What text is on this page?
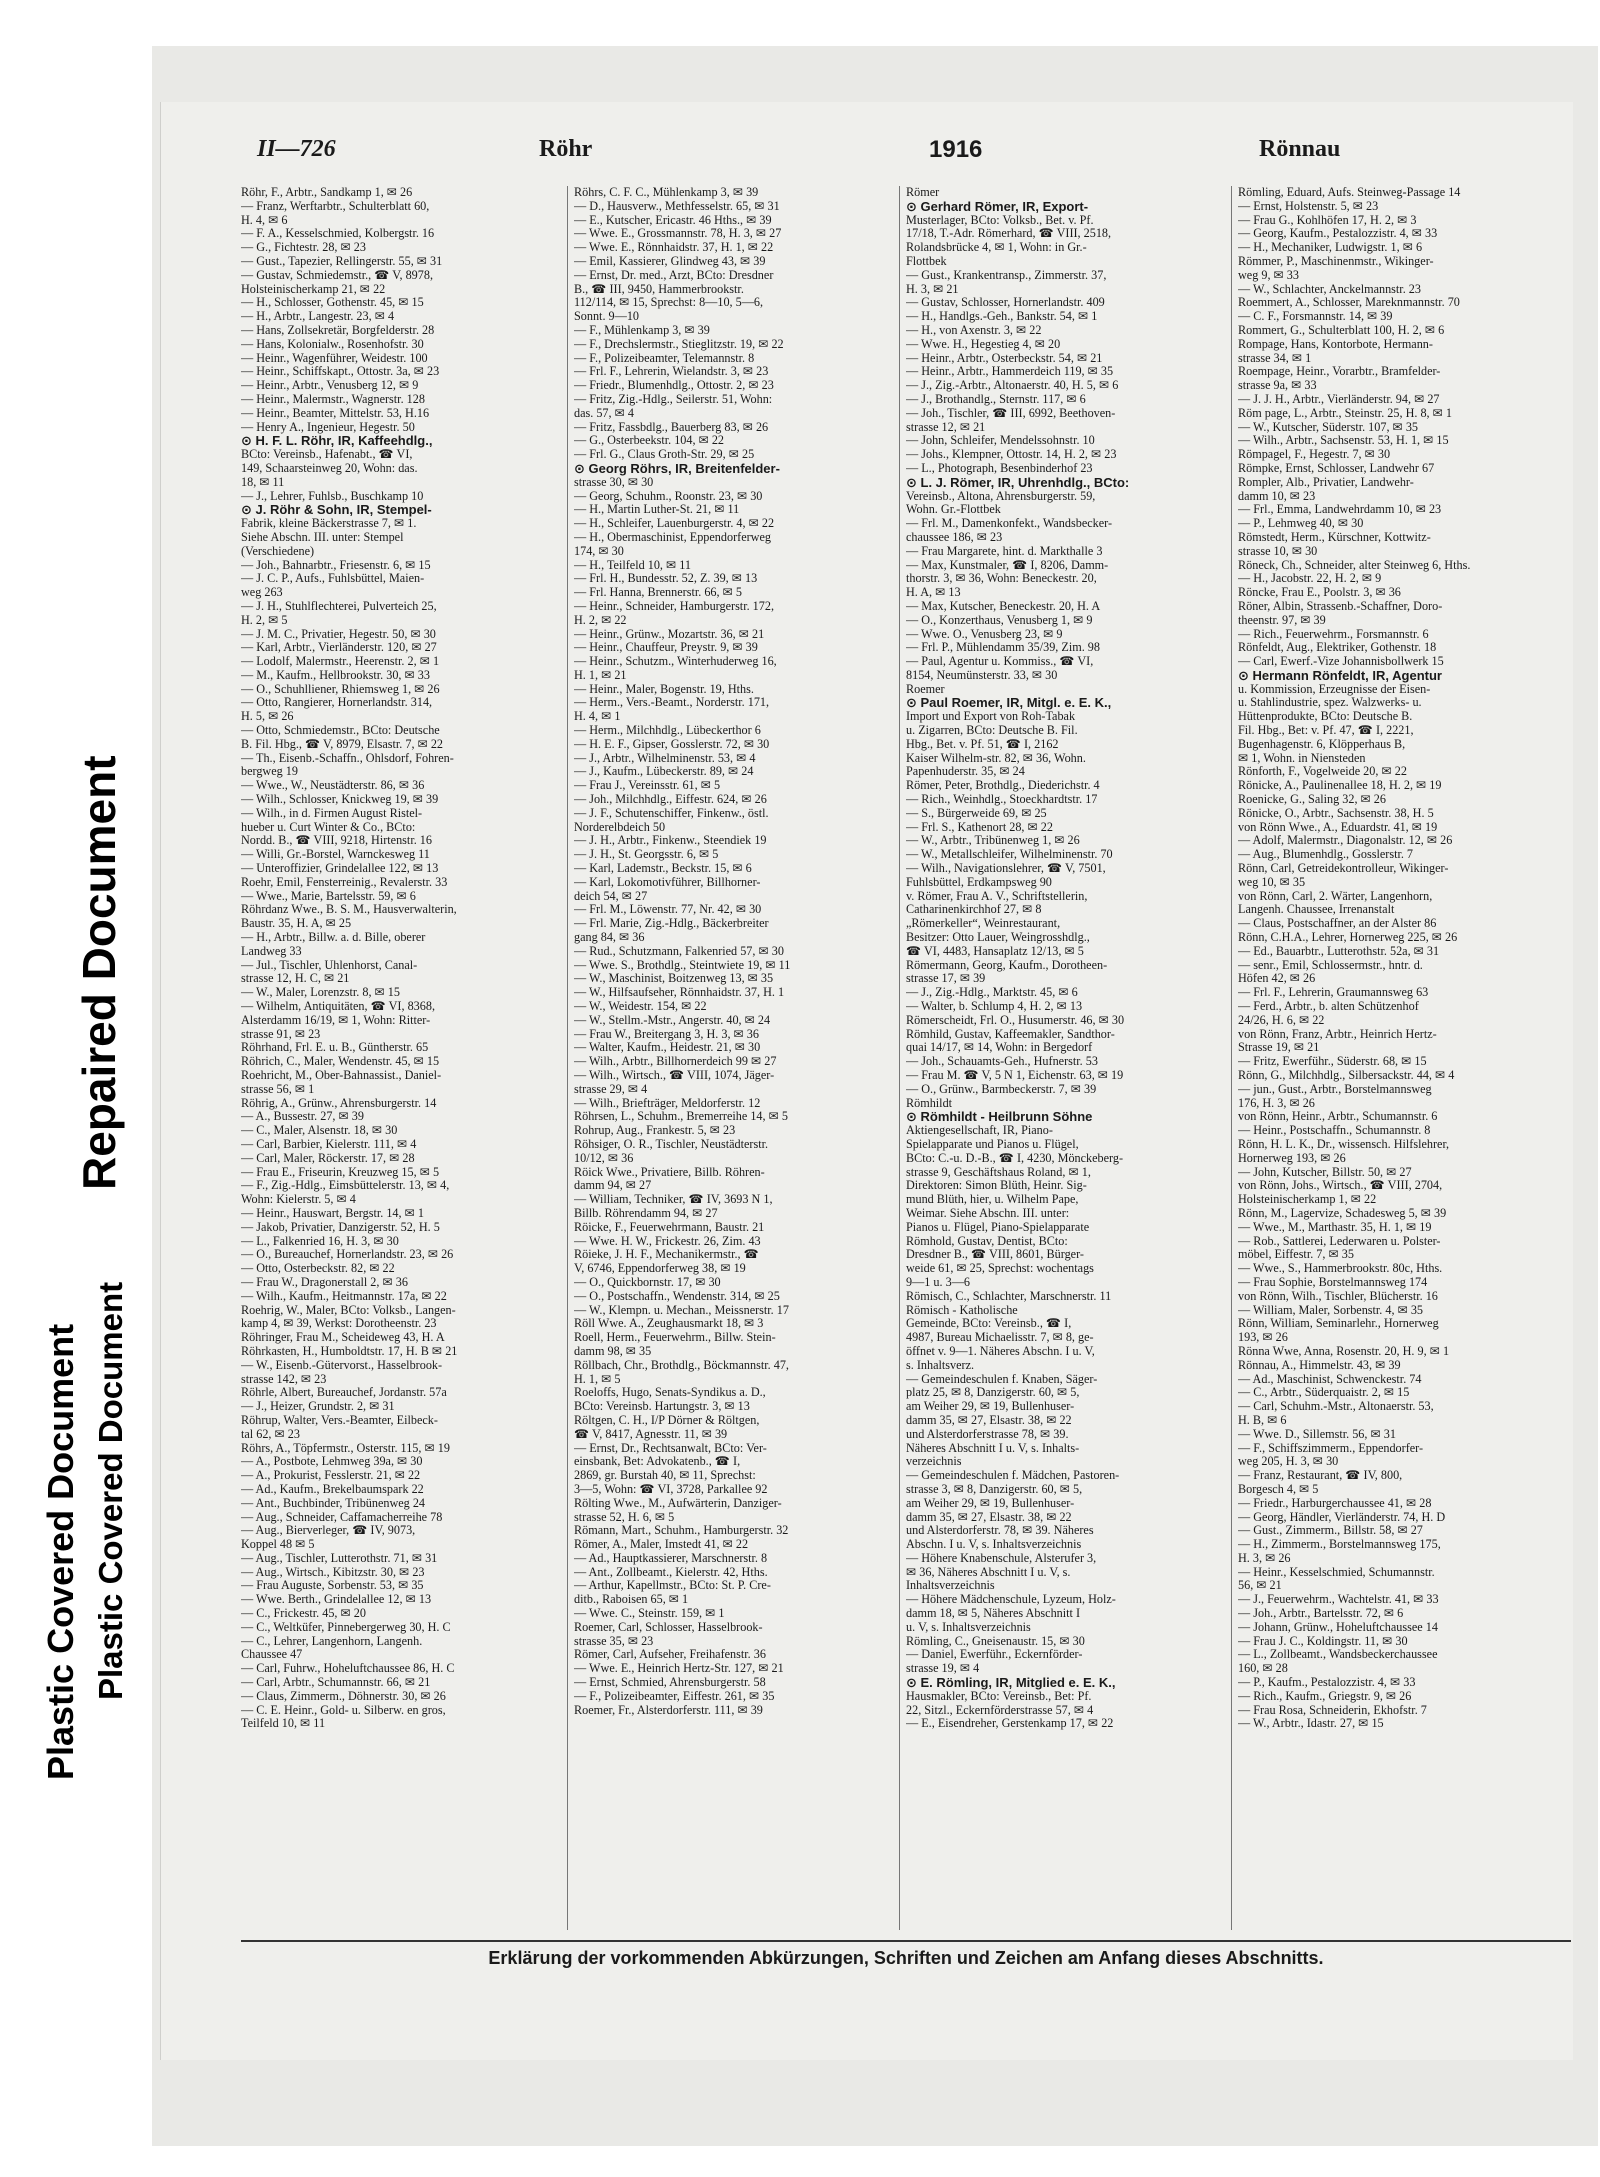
Plastic Covered Document Plastic Covered Document
Repaired Document
II—726	Röhr	1916	Rönnau
Röhr, F., Arbtr., Sandkamp 1, ✉ 26
— Franz, Werftarbtr., Schulterblatt 60,
H. 4, ✉ 6
— F. A., Kesselschmied, Kolbergstr. 16
— G., Fichtestr. 28, ✉ 23
— Gust., Tapezier, Rellingerstr. 55, ✉ 31
— Gustav, Schmiedemstr., ☎ V, 8978,
Holsteinischerkamp 21, ✉ 22
— H., Schlosser, Gothenstr. 45, ✉ 15
— H., Arbtr., Langestr. 23, ✉ 4
— Hans, Zollsekretär, Borgfelderstr. 28
— Hans, Kolonialw., Rosenhofstr. 30
— Heinr., Wagenführer, Weidestr. 100
— Heinr., Schiffskapt., Ottostr. 3a, ✉ 23
— Heinr., Arbtr., Venusberg 12, ✉ 9
— Heinr., Malermstr., Wagnerstr. 128
— Heinr., Beamter, Mittelstr. 53, H.16
— Henry A., Ingenieur, Hegestr. 50
⊙ H. F. L. Röhr, IR, Kaffeehdlg.,
BCto: Vereinsb., Hafenabt., ☎ VI,
149, Schaarsteinweg 20, Wohn: das.
18, ✉ 11
— J., Lehrer, Fuhlsb., Buschkamp 10
⊙ J. Röhr & Sohn, IR, Stempel-
Fabrik, kleine Bäckerstrasse 7, ✉ 1.
Siehe Abschn. III. unter: Stempel
(Verschiedene)
— Joh., Bahnarbtr., Friesenstr. 6, ✉ 15
— J. C. P., Aufs., Fuhlsbüttel, Maien-
weg 263
— J. H., Stuhlflechterei, Pulverteich 25,
H. 2, ✉ 5
— J. M. C., Privatier, Hegestr. 50, ✉ 30
— Karl, Arbtr., Vierländerstr. 120, ✉ 27
— Lodolf, Malermstr., Heerenstr. 2, ✉ 1
— M., Kaufm., Hellbrookstr. 30, ✉ 33
— O., Schuhlliener, Rhiemsweg 1, ✉ 26
— Otto, Rangierer, Hornerlandstr. 314,
H. 5, ✉ 26
— Otto, Schmiedemstr., BCto: Deutsche
B. Fil. Hbg., ☎ V, 8979, Elsastr. 7, ✉ 22
— Th., Eisenb.-Schaffn., Ohlsdorf, Fohren-
bergweg 19
— Wwe., W., Neustädterstr. 86, ✉ 36
— Wilh., Schlosser, Knickweg 19, ✉ 39
— Wilh., in d. Firmen August Ristel-
hueber u. Curt Winter & Co., BCto:
Nordd. B., ☎ VIII, 9218, Hirtenstr. 16
— Willi, Gr.-Borstel, Warnckesweg 11
— Unteroffizier, Grindelallee 122, ✉ 13
Roehr, Emil, Fensterreinig., Revalerstr. 33
— Wwe., Marie, Bartelsstr. 59, ✉ 6
Röhrdanz Wwe., B. S. M., Hausverwalterin,
Baustr. 35, H. A, ✉ 25
— H., Arbtr., Billw. a. d. Bille, oberer
Landweg 33
— Jul., Tischler, Uhlenhorst, Canal-
strasse 12, H. C, ✉ 21
— W., Maler, Lorenzstr. 8, ✉ 15
— Wilhelm, Antiquitäten, ☎ VI, 8368,
Alsterdamm 16/19, ✉ 1, Wohn: Ritter-
strasse 91, ✉ 23
Röhrhand, Frl. E. u. B., Güntherstr. 65
Röhrich, C., Maler, Wendenstr. 45, ✉ 15
Roehricht, M., Ober-Bahnassist., Daniel-
strasse 56, ✉ 1
Röhrig, A., Grünw., Ahrensburgerstr. 14
— A., Bussestr. 27, ✉ 39
— C., Maler, Alsenstr. 18, ✉ 30
— Carl, Barbier, Kielerstr. 111, ✉ 4
— Carl, Maler, Röckerstr. 17, ✉ 28
— Frau E., Friseurin, Kreuzweg 15, ✉ 5
— F., Zig.-Hdlg., Eimsbüttelerstr. 13, ✉ 4,
Wohn: Kielerstr. 5, ✉ 4
— Heinr., Hauswart, Bergstr. 14, ✉ 1
— Jakob, Privatier, Danzigerstr. 52, H. 5
— L., Falkenried 16, H. 3, ✉ 30
— O., Bureauchef, Hornerlandstr. 23, ✉ 26
— Otto, Osterbeckstr. 82, ✉ 22
— Frau W., Dragonerstall 2, ✉ 36
— Wilh., Kaufm., Heitmannstr. 17a, ✉ 22
Roehrig, W., Maler, BCto: Volksb., Langen-
kamp 4, ✉ 39, Werkst: Dorotheenstr. 23
Röhringer, Frau M., Scheideweg 43, H. A
Röhrkasten, H., Humboldtstr. 17, H. B ✉ 21
— W., Eisenb.-Gütervorst., Hasselbrook-
strasse 142, ✉ 23
Röhrle, Albert, Bureauchef, Jordanstr. 57a
— J., Heizer, Grundstr. 2, ✉ 31
Röhrup, Walter, Vers.-Beamter, Eilbeck-
tal 62, ✉ 23
Röhrs, A., Töpfermstr., Osterstr. 115, ✉ 19
— A., Postbote, Lehmweg 39a, ✉ 30
— A., Prokurist, Fesslerstr. 21, ✉ 22
— Ad., Kaufm., Brekelbaumspark 22
— Ant., Buchbinder, Tribünenweg 24
— Aug., Schneider, Caffamacherreihe 78
— Aug., Bierverleger, ☎ IV, 9073,
Koppel 48 ✉ 5
— Aug., Tischler, Lutterothstr. 71, ✉ 31
— Aug., Wirtsch., Kibitzstr. 30, ✉ 23
— Frau Auguste, Sorbenstr. 53, ✉ 35
— Wwe. Berth., Grindelallee 12, ✉ 13
— C., Frickestr. 45, ✉ 20
— C., Weltküfer, Pinnebergerweg 30, H. C
— C., Lehrer, Langenhorn, Langenh.
Chaussee 47
— Carl, Fuhrw., Hoheluftchaussee 86, H. C
— Carl, Arbtr., Schumannstr. 66, ✉ 21
— Claus, Zimmerm., Döhnerstr. 30, ✉ 26
— C. E. Heinr., Gold- u. Silberw. en gros,
Teilfeld 10, ✉ 11
Röhrs, C. F. C., Mühlenkamp 3, ✉ 39
— D., Hausverw., Methfesselstr. 65, ✉ 31
— E., Kutscher, Ericastr. 46 Hths., ✉ 39
— Wwe. E., Grossmannstr. 78, H. 3, ✉ 27
— Wwe. E., Rönnhaidstr. 37, H. 1, ✉ 22
— Emil, Kassierer, Glindweg 43, ✉ 39
— Ernst, Dr. med., Arzt, BCto: Dresdner
B., ☎ III, 9450, Hammerbrookstr.
112/114, ✉ 15, Sprechst: 8—10, 5—6,
Sonnt. 9—10
— F., Mühlenkamp 3, ✉ 39
— F., Drechslermstr., Stieglitzstr. 19, ✉ 22
— F., Polizeibeamter, Telemannstr. 8
— Frl. F., Lehrerin, Wielandstr. 3, ✉ 23
— Friedr., Blumenhdlg., Ottostr. 2, ✉ 23
— Fritz, Zig.-Hdlg., Seilerstr. 51, Wohn:
das. 57, ✉ 4
— Fritz, Fassbdlg., Bauerberg 83, ✉ 26
— G., Osterbeekstr. 104, ✉ 22
— Frl. G., Claus Groth-Str. 29, ✉ 25
⊙ Georg Röhrs, IR, Breitenfelder-
strasse 30, ✉ 30
— Georg, Schuhm., Roonstr. 23, ✉ 30
— H., Martin Luther-St. 21, ✉ 11
— H., Schleifer, Lauenburgerstr. 4, ✉ 22
— H., Obermaschinist, Eppendorferweg
174, ✉ 30
— H., Teilfeld 10, ✉ 11
— Frl. H., Bundesstr. 52, Z. 39, ✉ 13
— Frl. Hanna, Brennerstr. 66, ✉ 5
— Heinr., Schneider, Hamburgerstr. 172,
H. 2, ✉ 22
— Heinr., Grünw., Mozartstr. 36, ✉ 21
— Heinr., Chauffeur, Preystr. 9, ✉ 39
— Heinr., Schutzm., Winterhuderweg 16,
H. 1, ✉ 21
— Heinr., Maler, Bogenstr. 19, Hths.
— Herm., Vers.-Beamt., Norderstr. 171,
H. 4, ✉ 1
— Herm., Milchhdlg., Lübeckerthor 6
— H. E. F., Gipser, Gosslerstr. 72, ✉ 30
— J., Arbtr., Wilhelminenstr. 53, ✉ 4
— J., Kaufm., Lübeckerstr. 89, ✉ 24
— Frau J., Vereinsstr. 61, ✉ 5
— Joh., Milchhdlg., Eiffestr. 624, ✉ 26
— J. F., Schutenschiffer, Finkenw., östl.
Norderelbdeich 50
— J. H., Arbtr., Finkenw., Steendiek 19
— J. H., St. Georgsstr. 6, ✉ 5
— Karl, Lademstr., Beckstr. 15, ✉ 6
— Karl, Lokomotivführer, Billhorner-
deich 54, ✉ 27
— Frl. M., Löwenstr. 77, Nr. 42, ✉ 30
— Frl. Marie, Zig.-Hdlg., Bäckerbreiter
gang 84, ✉ 36
— Rud., Schutzmann, Falkenried 57, ✉ 30
— Wwe. S., Brothdlg., Steintwiete 19, ✉ 11
— W., Maschinist, Boitzenweg 13, ✉ 35
— W., Hilfsaufseher, Rönnhaidstr. 37, H. 1
— W., Weidestr. 154, ✉ 22
— W., Stellm.-Mstr., Angerstr. 40, ✉ 24
— Frau W., Breitergang 3, H. 3, ✉ 36
— Walter, Kaufm., Heidestr. 21, ✉ 30
— Wilh., Arbtr., Billhornerdeich 99 ✉ 27
— Wilh., Wirtsch., ☎ VIII, 1074, Jäger-
strasse 29, ✉ 4
— Wilh., Briefträger, Meldorferstr. 12
Röhrsen, L., Schuhm., Bremerreihe 14, ✉ 5
Rohrup, Aug., Frankestr. 5, ✉ 23
Röhsiger, O. R., Tischler, Neustädterstr.
10/12, ✉ 36
Röick Wwe., Privatiere, Billb. Röhren-
damm 94, ✉ 27
— William, Techniker, ☎ IV, 3693 N 1,
Billb. Röhrendamm 94, ✉ 27
Röicke, F., Feuerwehrmann, Baustr. 21
— Wwe. H. W., Frickestr. 26, Zim. 43
Röieke, J. H. F., Mechanikermstr., ☎
V, 6746, Eppendorferweg 38, ✉ 19
— O., Quickbornstr. 17, ✉ 30
— O., Postschaffn., Wendenstr. 314, ✉ 25
— W., Klempn. u. Mechan., Meissnerstr. 17
Röll Wwe. A., Zeughausmarkt 18, ✉ 3
Roell, Herm., Feuerwehrm., Billw. Stein-
damm 98, ✉ 35
Röllbach, Chr., Brothdlg., Böckmannstr. 47,
H. 1, ✉ 5
Roeloffs, Hugo, Senats-Syndikus a. D.,
BCto: Vereinsb. Hartungstr. 3, ✉ 13
Röltgen, C. H., I/P Dörner & Röltgen,
☎ V, 8417, Agnesstr. 11, ✉ 39
— Ernst, Dr., Rechtsanwalt, BCto: Ver-
einsbank, Bet: Advokatenb., ☎ I,
2869, gr. Burstah 40, ✉ 11, Sprechst:
3—5, Wohn: ☎ VI, 3728, Parkallee 92
Rölting Wwe., M., Aufwärterin, Danziger-
strasse 52, H. 6, ✉ 5
Römann, Mart., Schuhm., Hamburgerstr. 32
Römer, A., Maler, Imstedt 41, ✉ 22
— Ad., Hauptkassierer, Marschnerstr. 8
— Ant., Zollbeamt., Kielerstr. 42, Hths.
— Arthur, Kapellmstr., BCto: St. P. Cre-
ditb., Raboisen 65, ✉ 1
— Wwe. C., Steinstr. 159, ✉ 1
Roemer, Carl, Schlosser, Hasselbrook-
strasse 35, ✉ 23
Römer, Carl, Aufseher, Freihafenstr. 36
— Wwe. E., Heinrich Hertz-Str. 127, ✉ 21
— Ernst, Schmied, Ahrensburgerstr. 58
— F., Polizeibeamter, Eiffestr. 261, ✉ 35
Roemer, Fr., Alsterdorferstr. 111, ✉ 39
Römer
⊙ Gerhard Römer, IR, Export-
Musterlager, BCto: Volksb., Bet. v. Pf.
17/18, T.-Adr. Römerhard, ☎ VIII, 2518,
Rolandsbrücke 4, ✉ 1, Wohn: in Gr.-
Flottbek
— Gust., Krankentransp., Zimmerstr. 37,
H. 3, ✉ 21
— Gustav, Schlosser, Hornerlandstr. 409
— H., Handlgs.-Geh., Bankstr. 54, ✉ 1
— H., von Axenstr. 3, ✉ 22
— Wwe. H., Hegestieg 4, ✉ 20
— Heinr., Arbtr., Osterbeckstr. 54, ✉ 21
— Heinr., Arbtr., Hammerdeich 119, ✉ 35
— J., Zig.-Arbtr., Altonaerstr. 40, H. 5, ✉ 6
— J., Brothandlg., Sternstr. 117, ✉ 6
— Joh., Tischler, ☎ III, 6992, Beethoven-
strasse 12, ✉ 21
— John, Schleifer, Mendelssohnstr. 10
— Johs., Klempner, Ottostr. 14, H. 2, ✉ 23
— L., Photograph, Besenbinderhof 23
⊙ L. J. Römer, IR, Uhrenhdlg., BCto:
Vereinsb., Altona, Ahrensburgerstr. 59,
Wohn. Gr.-Flottbek
— Frl. M., Damenkonfekt., Wandsbecker-
chaussee 186, ✉ 23
— Frau Margarete, hint. d. Markthalle 3
— Max, Kunstmaler, ☎ I, 8206, Damm-
thorstr. 3, ✉ 36, Wohn: Beneckestr. 20,
H. A, ✉ 13
— Max, Kutscher, Beneckestr. 20, H. A
— O., Konzerthaus, Venusberg 1, ✉ 9
— Wwe. O., Venusberg 23, ✉ 9
— Frl. P., Mühlendamm 35/39, Zim. 98
— Paul, Agentur u. Kommiss., ☎ VI,
8154, Neumünsterstr. 33, ✉ 30
Roemer
⊙ Paul Roemer, IR, Mitgl. e. E. K.,
Import und Export von Roh-Tabak
u. Zigarren, BCto: Deutsche B. Fil.
Hbg., Bet. v. Pf. 51, ☎ I, 2162
Kaiser Wilhelm-str. 82, ✉ 36, Wohn.
Papenhuderstr. 35, ✉ 24
Römer, Peter, Brothdlg., Diederichstr. 4
— Rich., Weinhdlg., Stoeckhardtstr. 17
— S., Bürgerweide 69, ✉ 25
— Frl. S., Kathenort 28, ✉ 22
— W., Arbtr., Tribünenweg 1, ✉ 26
— W., Metallschleifer, Wilhelminenstr. 70
— Wilh., Navigationslehrer, ☎ V, 7501,
Fuhlsbüttel, Erdkampsweg 90
v. Römer, Frau A. V., Schriftstellerin,
Catharinenkirchhof 27, ✉ 8
„Römerkeller“, Weinrestaurant,
Besitzer: Otto Lauer, Weingrosshdlg.,
☎ VI, 4483, Hansaplatz 12/13, ✉ 5
Römermann, Georg, Kaufm., Dorotheen-
strasse 17, ✉ 39
— J., Zig.-Hdlg., Marktstr. 45, ✉ 6
— Walter, b. Schlump 4, H. 2, ✉ 13
Römerscheidt, Frl. O., Husumerstr. 46, ✉ 30
Römhild, Gustav, Kaffeemakler, Sandthor-
quai 14/17, ✉ 14, Wohn: in Bergedorf
— Joh., Schauamts-Geh., Hufnerstr. 53
— Frau M. ☎ V, 5 N 1, Eichenstr. 63, ✉ 19
— O., Grünw., Barmbeckerstr. 7, ✉ 39
Römhildt
⊙ Römhildt - Heilbrunn Söhne
Aktiengesellschaft, IR, Piano-
Spielapparate und Pianos u. Flügel,
BCto: C.-u. D.-B., ☎ I, 4230, Mönckeberg-
strasse 9, Geschäftshaus Roland, ✉ 1,
Direktoren: Simon Blüth, Heinr. Sig-
mund Blüth, hier, u. Wilhelm Pape,
Weimar. Siehe Abschn. III. unter:
Pianos u. Flügel, Piano-Spielapparate
Römhold, Gustav, Dentist, BCto:
Dresdner B., ☎ VIII, 8601, Bürger-
weide 61, ✉ 25, Sprechst: wochentags
9—1 u. 3—6
Römisch, C., Schlachter, Marschnerstr. 11
Römisch - Katholische
Gemeinde, BCto: Vereinsb., ☎ I,
4987, Bureau Michaelisstr. 7, ✉ 8, ge-
öffnet v. 9—1. Näheres Abschn. I u. V,
s. Inhaltsverz.
— Gemeindeschulen f. Knaben, Säger-
platz 25, ✉ 8, Danzigerstr. 60, ✉ 5,
am Weiher 29, ✉ 19, Bullenhuser-
damm 35, ✉ 27, Elsastr. 38, ✉ 22
und Alsterdorferstrasse 78, ✉ 39.
Näheres Abschnitt I u. V, s. Inhalts-
verzeichnis
— Gemeindeschulen f. Mädchen, Pastoren-
strasse 3, ✉ 8, Danzigerstr. 60, ✉ 5,
am Weiher 29, ✉ 19, Bullenhuser-
damm 35, ✉ 27, Elsastr. 38, ✉ 22
und Alsterdorferstr. 78, ✉ 39. Näheres
Abschn. I u. V, s. Inhaltsverzeichnis
— Höhere Knabenschule, Alsterufer 3,
✉ 36, Näheres Abschnitt I u. V, s.
Inhaltsverzeichnis
— Höhere Mädchenschule, Lyzeum, Holz-
damm 18, ✉ 5, Näheres Abschnitt I
u. V, s. Inhaltsverzeichnis
Römling, C., Gneisenaustr. 15, ✉ 30
— Daniel, Ewerführ., Eckernförder-
strasse 19, ✉ 4
⊙ E. Römling, IR, Mitglied e. E. K.,
Hausmakler, BCto: Vereinsb., Bet: Pf.
22, Sitzl., Eckernförderstrasse 57, ✉ 4
— E., Eisendreher, Gerstenkamp 17, ✉ 22
Römling, Eduard, Aufs. Steinweg-Passage 14
— Ernst, Holstenstr. 5, ✉ 23
— Frau G., Kohlhöfen 17, H. 2, ✉ 3
— Georg, Kaufm., Pestalozzistr. 4, ✉ 33
— H., Mechaniker, Ludwigstr. 1, ✉ 6
Römmer, P., Maschinenmstr., Wikinger-
weg 9, ✉ 33
— W., Schlachter, Anckelmannstr. 23
Roemmert, A., Schlosser, Mareknmannstr. 70
— C. F., Forsmannstr. 14, ✉ 39
Rommert, G., Schulterblatt 100, H. 2, ✉ 6
Rompage, Hans, Kontorbote, Hermann-
strasse 34, ✉ 1
Roempage, Heinr., Vorarbtr., Bramfelder-
strasse 9a, ✉ 33
— J. J. H., Arbtr., Vierländerstr. 94, ✉ 27
Röm page, L., Arbtr., Steinstr. 25, H. 8, ✉ 1
— W., Kutscher, Süderstr. 107, ✉ 35
— Wilh., Arbtr., Sachsenstr. 53, H. 1, ✉ 15
Römpagel, F., Hegestr. 7, ✉ 30
Römpke, Ernst, Schlosser, Landwehr 67
Rompler, Alb., Privatier, Landwehr-
damm 10, ✉ 23
— Frl., Emma, Landwehrdamm 10, ✉ 23
— P., Lehmweg 40, ✉ 30
Römstedt, Herm., Kürschner, Kottwitz-
strasse 10, ✉ 30
Röneck, Ch., Schneider, alter Steinweg 6, Hths.
— H., Jacobstr. 22, H. 2, ✉ 9
Röncke, Frau E., Poolstr. 3, ✉ 36
Röner, Albin, Strassenb.-Schaffner, Doro-
theenstr. 97, ✉ 39
— Rich., Feuerwehrm., Forsmannstr. 6
Rönfeldt, Aug., Elektriker, Gothenstr. 18
— Carl, Ewerf.-Vize Johannisbollwerk 15
⊙ Hermann Rönfeldt, IR, Agentur
u. Kommission, Erzeugnisse der Eisen-
u. Stahlindustrie, spez. Walzwerks- u.
Hüttenprodukte, BCto: Deutsche B.
Fil. Hbg., Bet: v. Pf. 47, ☎ I, 2221,
Bugenhagenstr. 6, Klöpperhaus B,
✉ 1, Wohn. in Niensteden
Rönforth, F., Vogelweide 20, ✉ 22
Rönicke, A., Paulinenallee 18, H. 2, ✉ 19
Roenicke, G., Saling 32, ✉ 26
Rönicke, O., Arbtr., Sachsenstr. 38, H. 5
von Rönn Wwe., A., Eduardstr. 41, ✉ 19
— Adolf, Malermstr., Diagonalstr. 12, ✉ 26
— Aug., Blumenhdlg., Gosslerstr. 7
Rönn, Carl, Getreidekontrolleur, Wikinger-
weg 10, ✉ 35
von Rönn, Carl, 2. Wärter, Langenhorn,
Langenh. Chaussee, Irrenanstalt
— Claus, Postschaffner, an der Alster 86
Rönn, C.H.A., Lehrer, Hornerweg 225, ✉ 26
— Ed., Bauarbtr., Lutterothstr. 52a, ✉ 31
— senr., Emil, Schlossermstr., hntr. d.
Höfen 42, ✉ 26
— Frl. F., Lehrerin, Graumannsweg 63
— Ferd., Arbtr., b. alten Schützenhof
24/26, H. 6, ✉ 22
von Rönn, Franz, Arbtr., Heinrich Hertz-
Strasse 19, ✉ 21
— Fritz, Ewerführ., Süderstr. 68, ✉ 15
Rönn, G., Milchhdlg., Silbersackstr. 44, ✉ 4
— jun., Gust., Arbtr., Borstelmannsweg
176, H. 3, ✉ 26
von Rönn, Heinr., Arbtr., Schumannstr. 6
— Heinr., Postschaffn., Schumannstr. 8
Rönn, H. L. K., Dr., wissensch. Hilfslehrer,
Hornerweg 193, ✉ 26
— John, Kutscher, Billstr. 50, ✉ 27
von Rönn, Johs., Wirtsch., ☎ VIII, 2704,
Holsteinischerkamp 1, ✉ 22
Rönn, M., Lagervize, Schadesweg 5, ✉ 39
— Wwe., M., Marthastr. 35, H. 1, ✉ 19
— Rob., Sattlerei, Lederwaren u. Polster-
möbel, Eiffestr. 7, ✉ 35
— Wwe., S., Hammerbrookstr. 80c, Hths.
— Frau Sophie, Borstelmannsweg 174
von Rönn, Wilh., Tischler, Blücherstr. 16
— William, Maler, Sorbenstr. 4, ✉ 35
Rönn, William, Seminarlehr., Hornerweg
193, ✉ 26
Rönna Wwe, Anna, Rosenstr. 20, H. 9, ✉ 1
Rönnau, A., Himmelstr. 43, ✉ 39
— Ad., Maschinist, Schwenckestr. 74
— C., Arbtr., Süderquaistr. 2, ✉ 15
— Carl, Schuhm.-Mstr., Altonaerstr. 53,
H. B, ✉ 6
— Wwe. D., Sillemstr. 56, ✉ 31
— F., Schiffszimmerm., Eppendorfer-
weg 205, H. 3, ✉ 30
— Franz, Restaurant, ☎ IV, 800,
Borgesch 4, ✉ 5
— Friedr., Harburgerchaussee 41, ✉ 28
— Georg, Händler, Vierländerstr. 74, H. D
— Gust., Zimmerm., Billstr. 58, ✉ 27
— H., Zimmerm., Borstelmannsweg 175,
H. 3, ✉ 26
— Heinr., Kesselschmied, Schumannstr.
56, ✉ 21
— J., Feuerwehrm., Wachtelstr. 41, ✉ 33
— Joh., Arbtr., Bartelsstr. 72, ✉ 6
— Johann, Grünw., Hoheluftchaussee 14
— Frau J. C., Koldingstr. 11, ✉ 30
— L., Zollbeamt., Wandsbeckerchaussee
160, ✉ 28
— P., Kaufm., Pestalozzistr. 4, ✉ 33
— Rich., Kaufm., Griegstr. 9, ✉ 26
— Frau Rosa, Schneiderin, Ekhofstr. 7
— W., Arbtr., Idastr. 27, ✉ 15
Erklärung der vorkommenden Abkürzungen, Schriften und Zeichen am Anfang dieses Abschnitts.
